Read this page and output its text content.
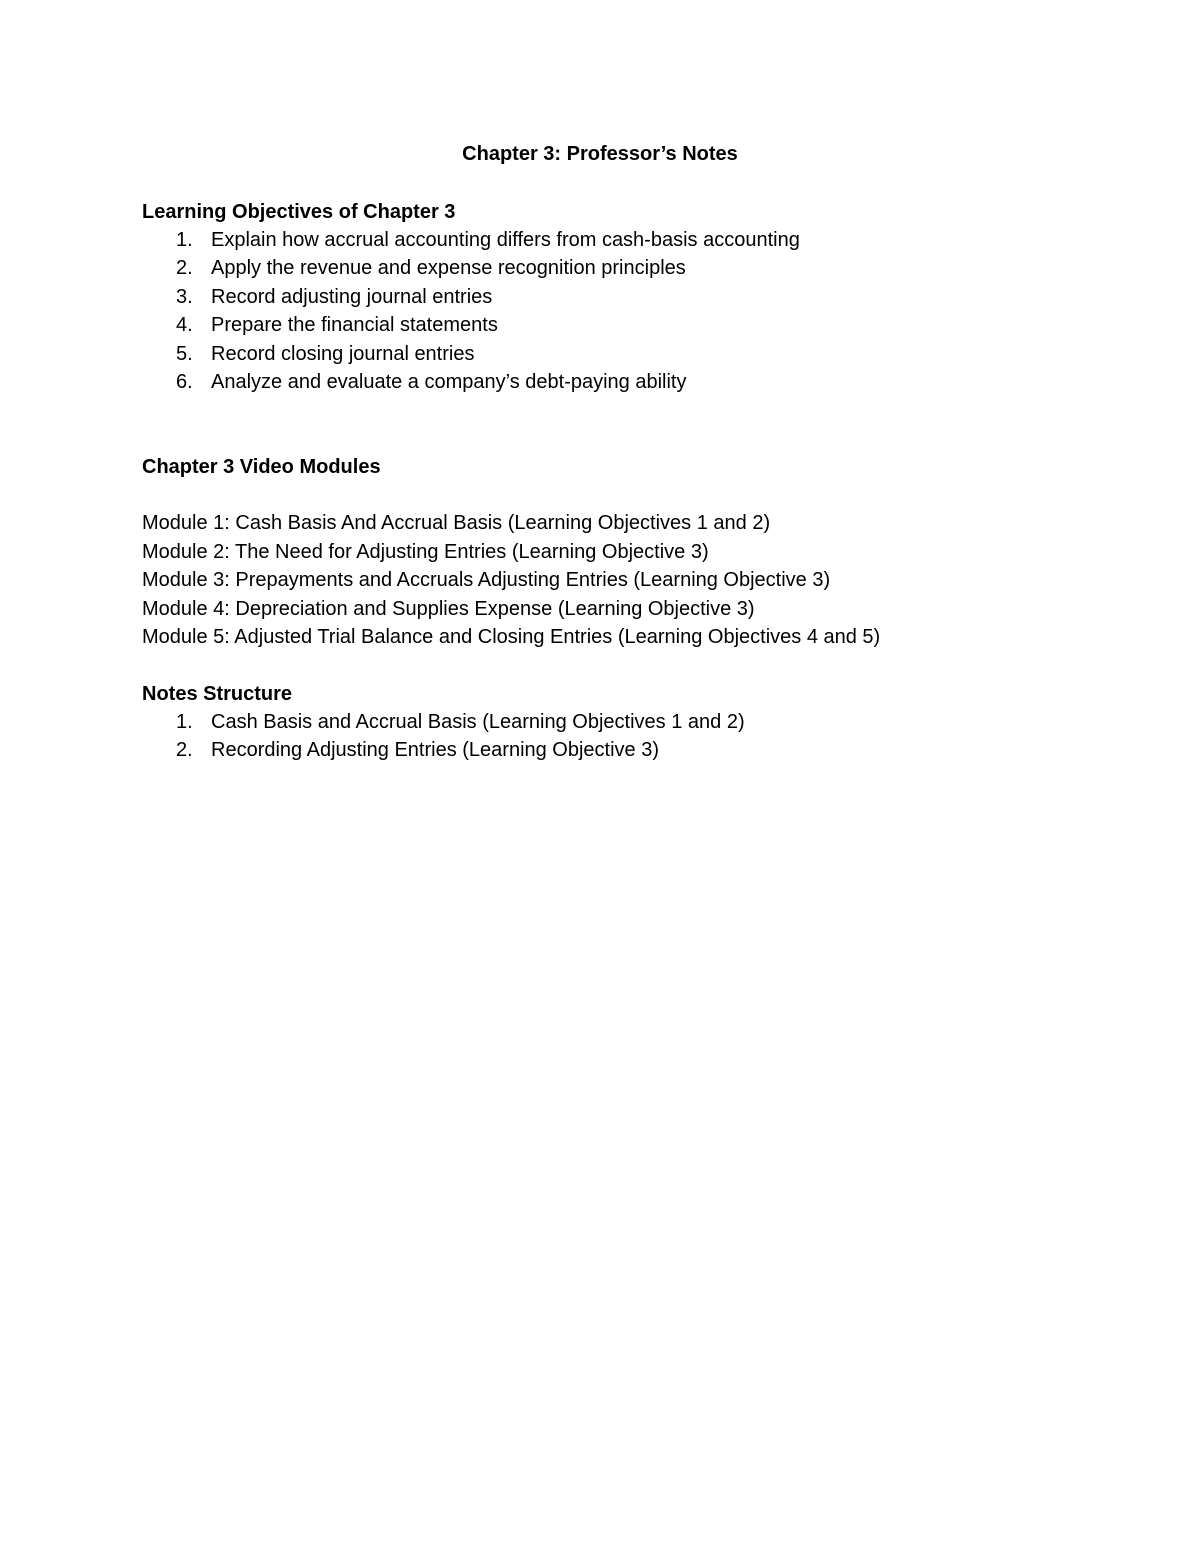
Chapter 3: Professor’s Notes
Learning Objectives of Chapter 3
1. Explain how accrual accounting differs from cash-basis accounting
2. Apply the revenue and expense recognition principles
3. Record adjusting journal entries
4. Prepare the financial statements
5. Record closing journal entries
6. Analyze and evaluate a company’s debt-paying ability
Chapter 3 Video Modules
Module 1: Cash Basis And Accrual Basis (Learning Objectives 1 and 2)
Module 2: The Need for Adjusting Entries (Learning Objective 3)
Module 3: Prepayments and Accruals Adjusting Entries (Learning Objective 3)
Module 4: Depreciation and Supplies Expense (Learning Objective 3)
Module 5: Adjusted Trial Balance and Closing Entries (Learning Objectives 4 and 5)
Notes Structure
1. Cash Basis and Accrual Basis (Learning Objectives 1 and 2)
2. Recording Adjusting Entries (Learning Objective 3)
